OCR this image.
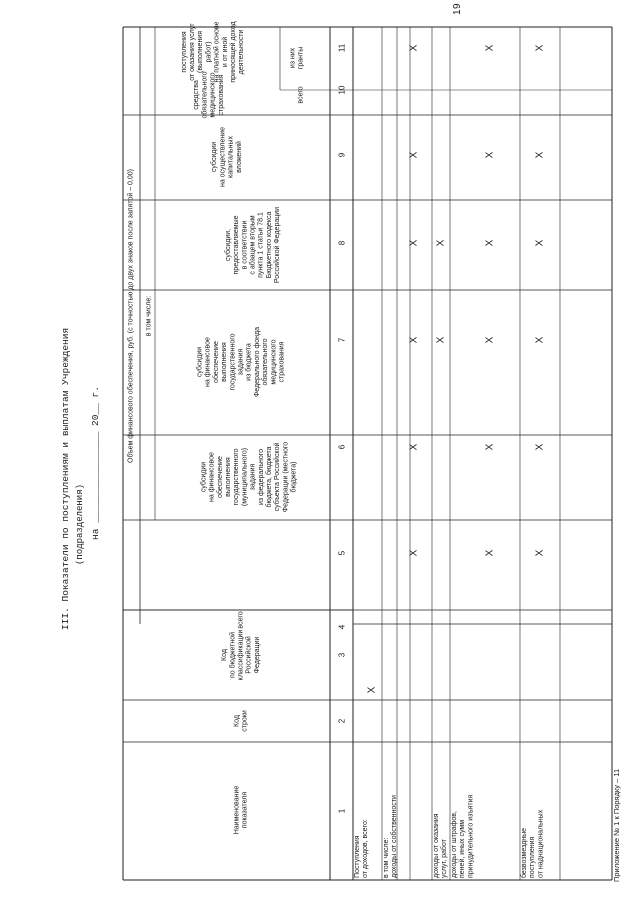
19
III. Показатели по поступлениям и выплатам Учреждения (подразделения) на ________________ 20__ г.
Приложение № 1 к Порядку – 11
Наименование показателя
Код строки
Код по бюджетной классификации Российской Федерации
Объем финансового обеспечения, руб. (с точностью до двух знаков после запятой – 0,00)
всего
в том числе:
субсидии на финансовое обеспечение выполнения государственного (муниципального) задания из федерального бюджета, бюджета субъекта Российской Федерации (местного бюджета)
субсидии на финансовое обеспечение выполнения государственного задания из бюджета Федерального фонда обязательного медицинского страхования
субсидии, предоставляемые в соответствии с абзацем вторым пункта 1 статьи 78.1 Бюджетного кодекса Российской Федерации
субсидии на осуществление капитальных вложений
средства обязательного медицинского страхования
поступления от оказания услуг (выполнения работ) на платной основе и от иной приносящей доход деятельности
всего
из них гранты
1
2
3
4
5
6
7
8
9
10
11
Поступления от доходов, всего:
X
в том числе: доходы от собственности
X
X
X
X
X
X
доходы от оказания услуг, работ
X
X
доходы от штрафов, пеней, иных сумм принудительного изъятия
X
X
X
X
X
X
безвозмездные поступления от наднациональных
X
X
X
X
X
X
